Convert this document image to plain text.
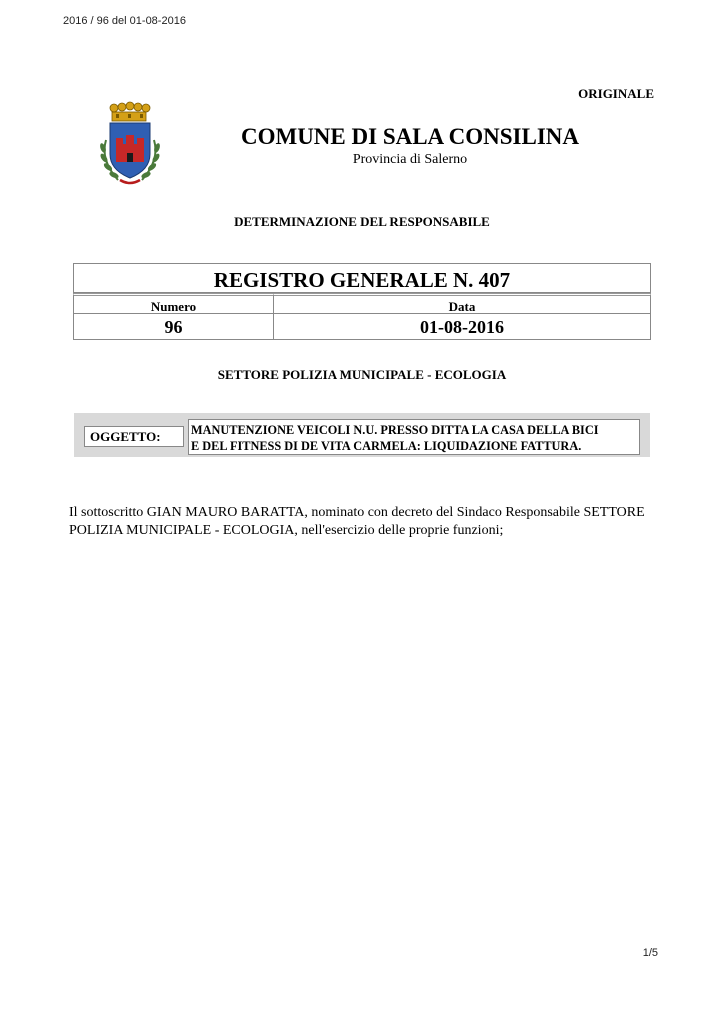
2016 / 96 del 01-08-2016
ORIGINALE
COMUNE DI SALA CONSILINA
Provincia di Salerno
DETERMINAZIONE DEL RESPONSABILE
REGISTRO GENERALE N. 407
Numero	Data
96	01-08-2016
SETTORE POLIZIA MUNICIPALE - ECOLOGIA
OGGETTO:	MANUTENZIONE VEICOLI N.U. PRESSO DITTA LA CASA DELLA BICI
E DEL FITNESS DI DE VITA CARMELA: LIQUIDAZIONE FATTURA.
Il sottoscritto GIAN MAURO BARATTA, nominato con decreto del Sindaco Responsabile SETTORE
POLIZIA MUNICIPALE - ECOLOGIA, nell'esercizio delle proprie funzioni;
1/5
